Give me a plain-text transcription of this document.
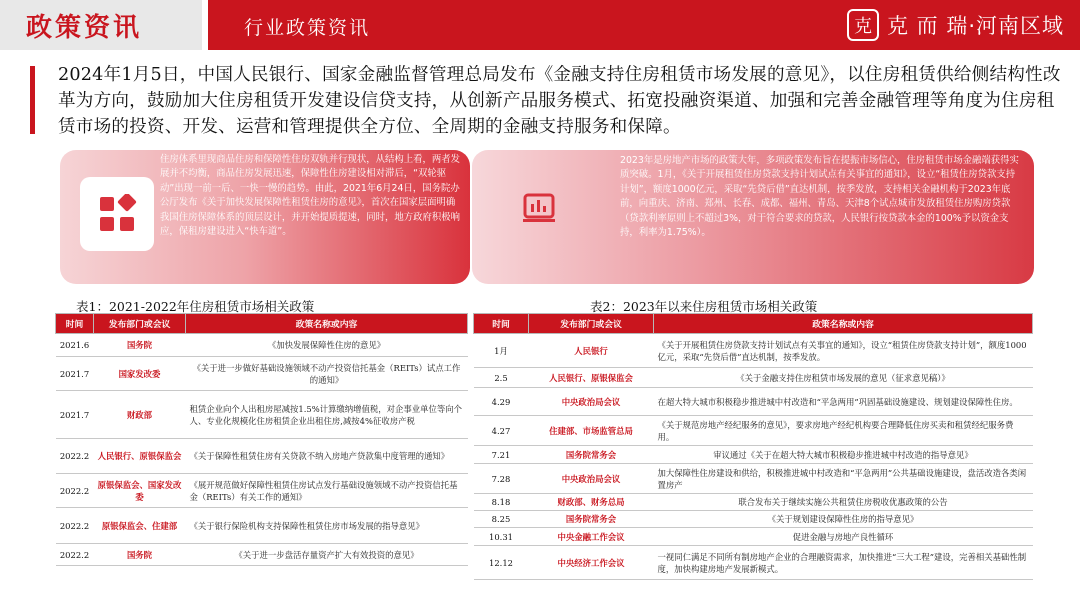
政策资讯	行业政策资讯	克 克 而 瑞·河南区域
2024年1月5日，中国人民银行、国家金融监督管理总局发布《金融支持住房租赁市场发展的意见》，以住房租赁供给侧结构性改革为方向，鼓励加大住房租赁开发建设信贷支持，从创新产品服务模式、拓宽投融资渠道、加强和完善金融管理等角度为住房租赁市场的投资、开发、运营和管理提供全方位、全周期的金融支持服务和保障。
住房体系里现商品住房和保障性住房双轨并行现状，从结构上看，两者发展并不均衡，商品住房发展迅速，保障性住房建设相对滞后，“双轮驱动”出现一前一后、一快一慢的趋势。由此，2021年6月24日，国务院办公厅发布《关于加快发展保障性租赁住房的意见》，首次在国家层面明确我国住房保障体系的顶层设计，并开始提质提速，同时，地方政府积极响应，保租房建设进入“快车道”。
2023年是房地产市场的政策大年，多项政策发布旨在提振市场信心，住房租赁市场金融端获得实质突破。1月，《关于开展租赁住房贷款支持计划试点有关事宜的通知》，设立“租赁住房贷款支持计划”，额度1000亿元，采取“先贷后借”直达机制，按季发放，支持相关金融机构于2023年底前，向重庆、济南、郑州、长春、成都、福州、青岛、天津8个试点城市发放租赁住房购房贷款（贷款利率原则上不超过3%，对于符合要求的贷款，人民银行按贷款本金的100%予以资金支持，利率为1.75%）。
表1：2021-2022年住房租赁市场相关政策	表2：2023年以来住房租赁市场相关政策
时间	发布部门或会议	政策名称或内容
2021.6	国务院	《加快发展保障性住房的意见》
2021.7	国家发改委	《关于进一步做好基础设施领域不动产投资信托基金（REITs）试点工作的通知》
2021.7	财政部	租赁企业向个人出租房屋减按1.5%计算缴纳增值税，对企事业单位等向个人、专业化规模化住房租赁企业出租住房,减按4%征收房产税
2022.2	人民银行、原银保监会	《关于保障性租赁住房有关贷款不纳入房地产贷款集中度管理的通知》
2022.2	原银保监会、国家发改委	《展开规范做好保障性租赁住房试点发行基础设施领域不动产投资信托基金（REITs）有关工作的通知》
2022.2	原银保监会、住建部	《关于银行保险机构支持保障性租赁住房市场发展的指导意见》
2022.2	国务院	《关于进一步盘活存量资产扩大有效投资的意见》
时间	发布部门或会议	政策名称或内容
1月	人民银行	《关于开展租赁住房贷款支持计划试点有关事宜的通知》，设立“租赁住房贷款支持计划”，额度1000亿元，采取“先贷后借”直达机制，按季发放。
2.5	人民银行、原银保监会	《关于金融支持住房租赁市场发展的意见（征求意见稿）》
4.29	中央政治局会议	在超大特大城市积极稳步推进城中村改造和“平急两用”巩固基础设施建设、规划建设保障性住房。
4.27	住建部、市场监管总局	《关于规范房地产经纪服务的意见》，要求房地产经纪机构要合理降低住房买卖和租赁经纪服务费用。
7.21	国务院常务会	审议通过《关于在超大特大城市积极稳步推进城中村改造的指导意见》
7.28	中央政治局会议	加大保障性住房建设和供给，积极推进城中村改造和“平急两用”公共基础设施建设，盘活改造各类闲置房产
8.18	财政部、财务总局	联合发布关于继续实施公共租赁住房税收优惠政策的公告
8.25	国务院常务会	《关于规划建设保障性住房的指导意见》
10.31	中央金融工作会议	促进金融与房地产良性循环
12.12	中央经济工作会议	一视同仁满足不同所有制房地产企业的合理融资需求，加快推进“三大工程”建设，完善相关基础性制度，加快构建房地产发展新模式。
